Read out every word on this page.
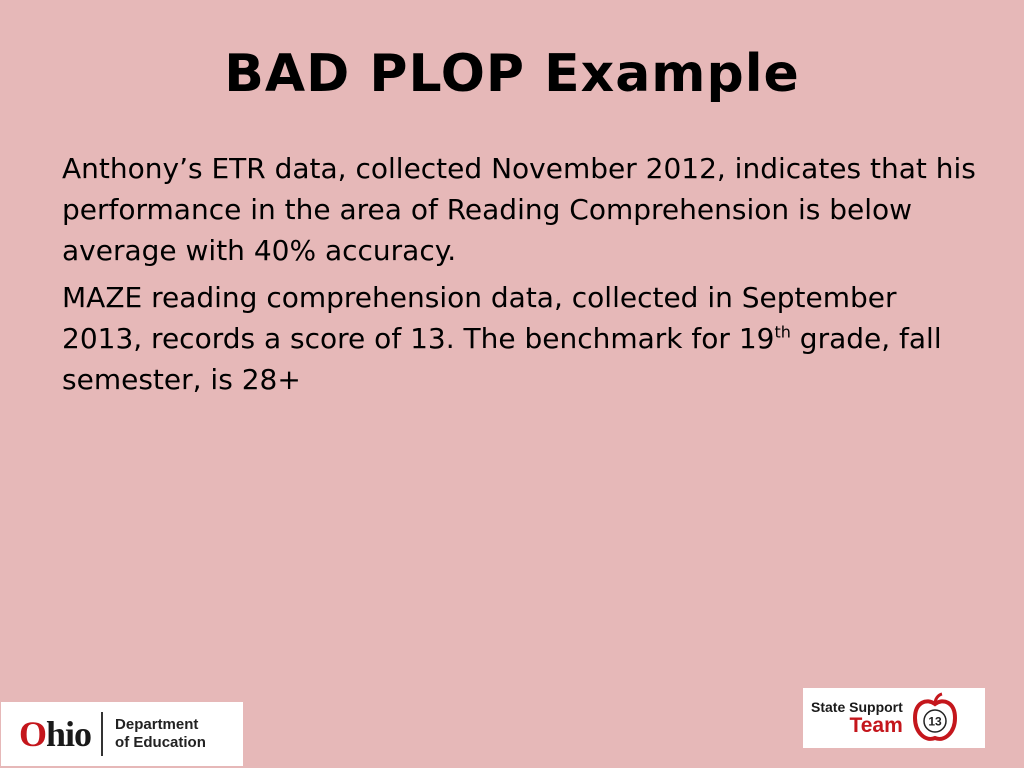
BAD PLOP Example

Anthony’s ETR data, collected November 2012, indicates that his performance in the area of Reading Comprehension is below average with 40% accuracy.

MAZE reading comprehension data, collected in September 2013, records a score of 13. The benchmark for 19th grade, fall semester, is 28+

Ohio Department
of Education
State Support
Team 13
